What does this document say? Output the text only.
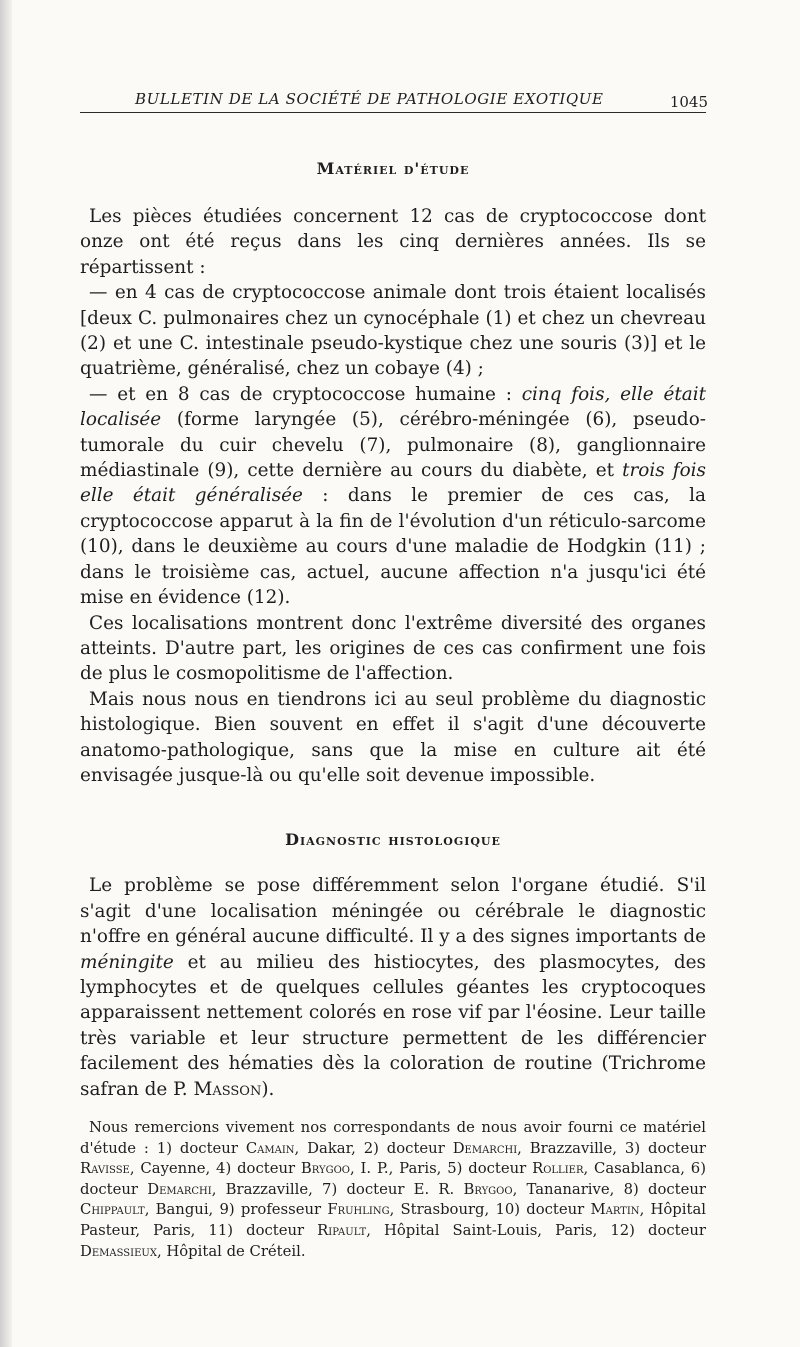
BULLETIN DE LA SOCIÉTÉ DE PATHOLOGIE EXOTIQUE	1045
Matériel d'étude

Les pièces étudiées concernent 12 cas de cryptococcose dont onze ont été reçus dans les cinq dernières années. Ils se répartissent :

— en 4 cas de cryptococcose animale dont trois étaient localisés [deux C. pulmonaires chez un cynocéphale (1) et chez un chevreau (2) et une C. intestinale pseudo-kystique chez une souris (3)] et le quatrième, généralisé, chez un cobaye (4) ;

— et en 8 cas de cryptococcose humaine : cinq fois, elle était localisée (forme laryngée (5), cérébro-méningée (6), pseudo-tumorale du cuir chevelu (7), pulmonaire (8), ganglionnaire médiastinale (9), cette dernière au cours du diabète, et trois fois elle était généralisée : dans le premier de ces cas, la cryptococcose apparut à la fin de l'évolution d'un réticulo-sarcome (10), dans le deuxième au cours d'une maladie de Hodgkin (11) ; dans le troisième cas, actuel, aucune affection n'a jusqu'ici été mise en évidence (12).

Ces localisations montrent donc l'extrême diversité des organes atteints. D'autre part, les origines de ces cas confirment une fois de plus le cosmopolitisme de l'affection.

Mais nous nous en tiendrons ici au seul problème du diagnostic histologique. Bien souvent en effet il s'agit d'une découverte anatomo-pathologique, sans que la mise en culture ait été envisagée jusque-là ou qu'elle soit devenue impossible.

Diagnostic histologique

Le problème se pose différemment selon l'organe étudié. S'il s'agit d'une localisation méningée ou cérébrale le diagnostic n'offre en général aucune difficulté. Il y a des signes importants de méningite et au milieu des histiocytes, des plasmocytes, des lymphocytes et de quelques cellules géantes les cryptocoques apparaissent nettement colorés en rose vif par l'éosine. Leur taille très variable et leur structure permettent de les différencier facilement des hématies dès la coloration de routine (Trichrome safran de P. Masson).

Nous remercions vivement nos correspondants de nous avoir fourni ce matériel d'étude : 1) docteur Camain, Dakar, 2) docteur Demarchi, Brazzaville, 3) docteur Ravisse, Cayenne, 4) docteur Brygoo, I. P., Paris, 5) docteur Rollier, Casablanca, 6) docteur Demarchi, Brazzaville, 7) docteur E. R. Brygoo, Tananarive, 8) docteur Chippault, Bangui, 9) professeur Fruhling, Strasbourg, 10) docteur Martin, Hôpital Pasteur, Paris, 11) docteur Ripault, Hôpital Saint-Louis, Paris, 12) docteur Demassieux, Hôpital de Créteil.
